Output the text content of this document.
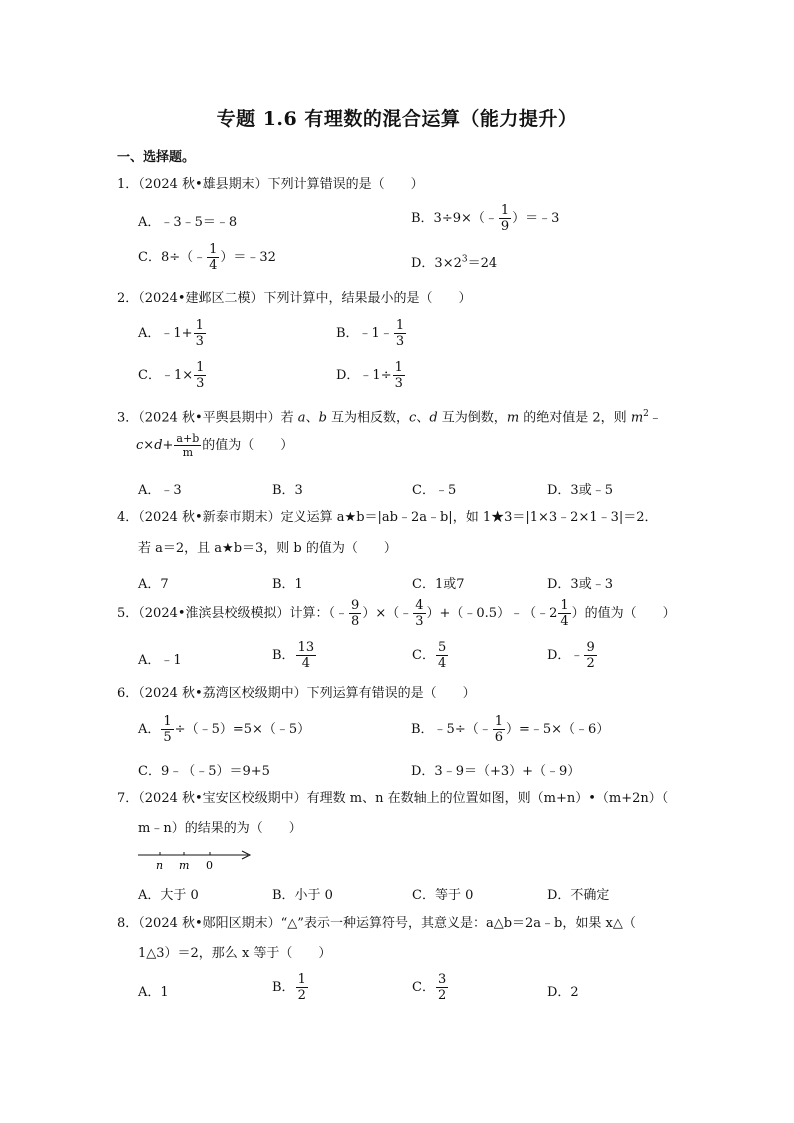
专题 1.6 有理数的混合运算（能力提升）
一、选择题。
1．（2024 秋•雄县期末）下列计算错误的是（　　）
A．﹣3﹣5＝﹣8	B．3÷9×（﹣ $\frac{1}{9}$ ）＝﹣3
C．8÷（﹣ $\frac{1}{4}$ ）＝﹣32	D．$3\times 2^3=24$
2．（2024•建邺区二模）下列计算中，结果最小的是（　　）
A．﹣1+ $\frac{1}{3}$	B．﹣1﹣ $\frac{1}{3}$
C．﹣1× $\frac{1}{3}$	D．﹣1÷ $\frac{1}{3}$
3．（2024 秋•平舆县期中）若 a、b 互为相反数，c、d 互为倒数，m 的绝对值是 2，则 $m^2﹣$
$c\times d+ \frac{a+b}{m}$ 的值为（　　）
A．﹣3	B．3	C．﹣5	D．3或﹣5
4．（2024 秋•新泰市期末）定义运算 a★b＝|ab﹣2a﹣b|，如 1★3＝|1×3﹣2×1﹣3|＝2．
若 a＝2，且 a★b＝3，则 b 的值为（　　）
A．7	B．1	C．1或7	D．3或﹣3
5．（2024•淮滨县校级模拟）计算：（﹣ $\frac{9}{8}$ ）×（﹣ $\frac{4}{3}$ ）+（﹣0.5）﹣（﹣2 $\frac{1}{4}$ ）的值为（　　）
A．﹣1	B． $\frac{13}{4}$	C． $\frac{5}{4}$	D．﹣ $\frac{9}{2}$
6．（2024 秋•荔湾区校级期中）下列运算有错误的是（　　）
A． $\frac{1}{5}$ ÷（﹣5）=5×（﹣5）	B．﹣5÷（﹣ $\frac{1}{6}$ ）=﹣5×（﹣6）
C．9﹣（﹣5）＝9+5	D．3﹣9＝（+3）+（﹣9）
7．（2024 秋•宝安区校级期中）有理数 m、n 在数轴上的位置如图，则（m+n）•（m+2n）（
m﹣n）的结果的为（　　）
n m 0
A．大于 0	B．小于 0	C．等于 0	D．不确定
8．（2024 秋•郧阳区期末）“△”表示一种运算符号，其意义是：a△b＝2a﹣b，如果 x△（
1△3）＝2，那么 x 等于（　　）
A．1	B． $\frac{1}{2}$	C． $\frac{3}{2}$	D．2
